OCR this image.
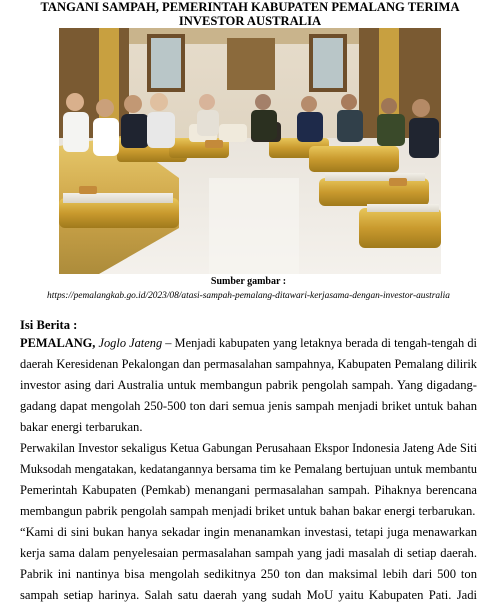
TANGANI SAMPAH, PEMERINTAH KABUPATEN PEMALANG TERIMA
INVESTOR AUSTRALIA
Sumber gambar :
https://pemalangkab.go.id/2023/08/atasi-sampah-pemalang-ditawari-kerjasama-dengan-investor-australia
Isi Berita :
PEMALANG, Joglo Jateng – Menjadi kabupaten yang letaknya berada di tengah-tengah di
daerah Keresidenan Pekalongan dan permasalahan sampahnya, Kabupaten Pemalang dilirik
investor asing dari Australia untuk membangun pabrik pengolah sampah. Yang digadang-
gadang dapat mengolah 250-500 ton dari semua jenis sampah menjadi briket untuk bahan
bakar energi terbarukan.
Perwakilan Investor sekaligus Ketua Gabungan Perusahaan Ekspor Indonesia Jateng Ade Siti
Muksodah mengatakan, kedatangannya bersama tim ke Pemalang bertujuan untuk membantu
Pemerintah Kabupaten (Pemkab) menangani permasalahan sampah. Pihaknya berencana
membangun pabrik pengolah sampah menjadi briket untuk bahan bakar energi terbarukan.
“Kami di sini bukan hanya sekadar ingin menanamkan investasi, tetapi juga menawarkan
kerja sama dalam penyelesaian permasalahan sampah yang jadi masalah di setiap daerah.
Pabrik ini nantinya bisa mengolah sedikitnya 250 ton dan maksimal lebih dari 500 ton
sampah setiap harinya. Salah satu daerah yang sudah MoU yaitu Kabupaten Pati. Jadi
